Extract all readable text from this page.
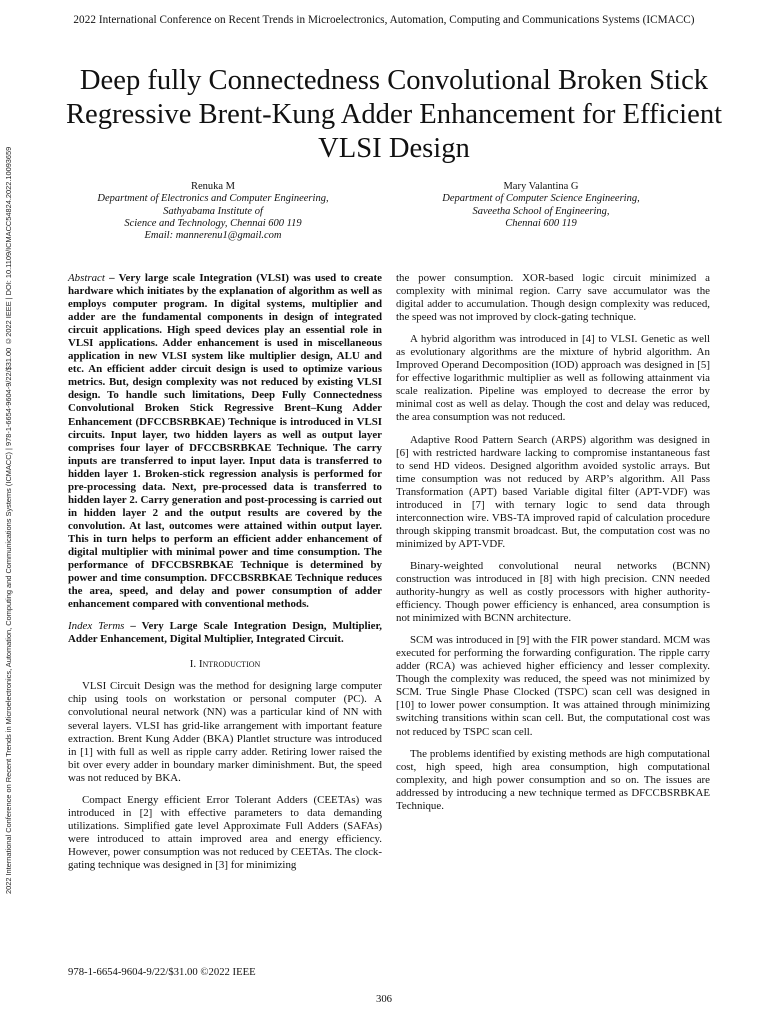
2022 International Conference on Recent Trends in Microelectronics, Automation, Computing and Communications Systems (ICMACC)
2022 International Conference on Recent Trends in Microelectronics, Automation, Computing and Communications Systems (ICMACC) | 978-1-6654-9604-9/22/$31.00 ©2022 IEEE | DOI: 10.1109/ICMACC54824.2022.10093659
Deep fully Connectedness Convolutional Broken Stick Regressive Brent-Kung Adder Enhancement for Efficient VLSI Design
Renuka M
Department of Electronics and Computer Engineering,
Sathyabama Institute of
Science and Technology, Chennai 600 119
Email: mannerenu1@gmail.com
Mary Valantina G
Department of Computer Science Engineering,
Saveetha School of Engineering,
Chennai 600 119

Abstract – Very large scale Integration (VLSI) was used to create hardware which initiates by the explanation of algorithm as well as employs computer program. In digital systems, multiplier and adder are the fundamental components in design of integrated circuit applications. High speed devices play an essential role in VLSI applications. Adder enhancement is used in miscellaneous application in new VLSI system like multiplier design, ALU and etc. An efficient adder circuit design is used to optimize various metrics. But, design complexity was not reduced by existing VLSI design. To handle such limitations, Deep Fully Connectedness Convolutional Broken Stick Regressive Brent–Kung Adder Enhancement (DFCCBSRBKAE) Technique is introduced in VLSI circuits. Input layer, two hidden layers as well as output layer comprises four layer of DFCCBSRBKAE Technique. The carry inputs are transferred to input layer. Input data is transferred to hidden layer 1. Broken-stick regression analysis is performed for pre-processing data. Next, pre-processed data is transferred to hidden layer 2. Carry generation and post-processing is carried out in hidden layer 2 and the output results are covered by the convolution. At last, outcomes were attained within output layer. This in turn helps to perform an efficient adder enhancement of digital multiplier with minimal power and time consumption. The performance of DFCCBSRBKAE Technique is determined by power and time consumption. DFCCBSRBKAE Technique reduces the area, speed, and delay and power consumption of adder enhancement compared with conventional methods.

Index Terms – Very Large Scale Integration Design, Multiplier, Adder Enhancement, Digital Multiplier, Integrated Circuit.

I. Introduction

VLSI Circuit Design was the method for designing large computer chip using tools on workstation or personal computer (PC). A convolutional neural network (NN) was a particular kind of NN with several layers. VLSI has grid-like arrangement with important feature extraction. Brent Kung Adder (BKA) Plantlet structure was introduced in [1] with full as well as ripple carry adder. Retiring lower raised the bit over every adder in boundary marker diminishment. But, the speed was not reduced by BKA.

Compact Energy efficient Error Tolerant Adders (CEETAs) was introduced in [2] with effective parameters to data demanding utilizations. Simplified gate level Approximate Full Adders (SAFAs) were introduced to attain improved area and energy efficiency. However, power consumption was not reduced by CEETAs. The clock-gating technique was designed in [3] for minimizing

the power consumption. XOR-based logic circuit minimized a complexity with minimal region. Carry save accumulator was the digital adder to accumulation. Though design complexity was reduced, the speed was not improved by clock-gating technique.

A hybrid algorithm was introduced in [4] to VLSI. Genetic as well as evolutionary algorithms are the mixture of hybrid algorithm. An Improved Operand Decomposition (IOD) approach was designed in [5] for effective logarithmic multiplier as well as following attainment via scale realization. Pipeline was employed to decrease the error by minimal cost as well as delay. Though the cost and delay was reduced, the area consumption was not reduced.

Adaptive Rood Pattern Search (ARPS) algorithm was designed in [6] with restricted hardware lacking to compromise instantaneous fast to send HD videos. Designed algorithm avoided systolic arrays. But time consumption was not reduced by ARP’s algorithm. All Pass Transformation (APT) based Variable digital filter (APT-VDF) was introduced in [7] with ternary logic to send data through interconnection wire. VBS-TA improved rapid of calculation procedure through skipping transmit broadcast. But, the computation cost was no minimized by APT-VDF.

Binary-weighted convolutional neural networks (BCNN) construction was introduced in [8] with high precision. CNN needed authority-hungry as well as costly processors with higher authority-efficiency. Though power efficiency is enhanced, area consumption is not minimized with BCNN architecture.

SCM was introduced in [9] with the FIR power standard. MCM was executed for performing the forwarding configuration. The ripple carry adder (RCA) was achieved higher efficiency and lesser complexity. Though the complexity was reduced, the speed was not minimized by SCM. True Single Phase Clocked (TSPC) scan cell was designed in [10] to lower power consumption. It was attained through minimizing switching transitions within scan cell. But, the computational cost was not reduced by TSPC scan cell.

The problems identified by existing methods are high computational cost, high speed, high area consumption, high computational complexity, and high power consumption and so on. The issues are addressed by introducing a new technique termed as DFCCBSRBKAE Technique.

978-1-6654-9604-9/22/$31.00 ©2022 IEEE
306
